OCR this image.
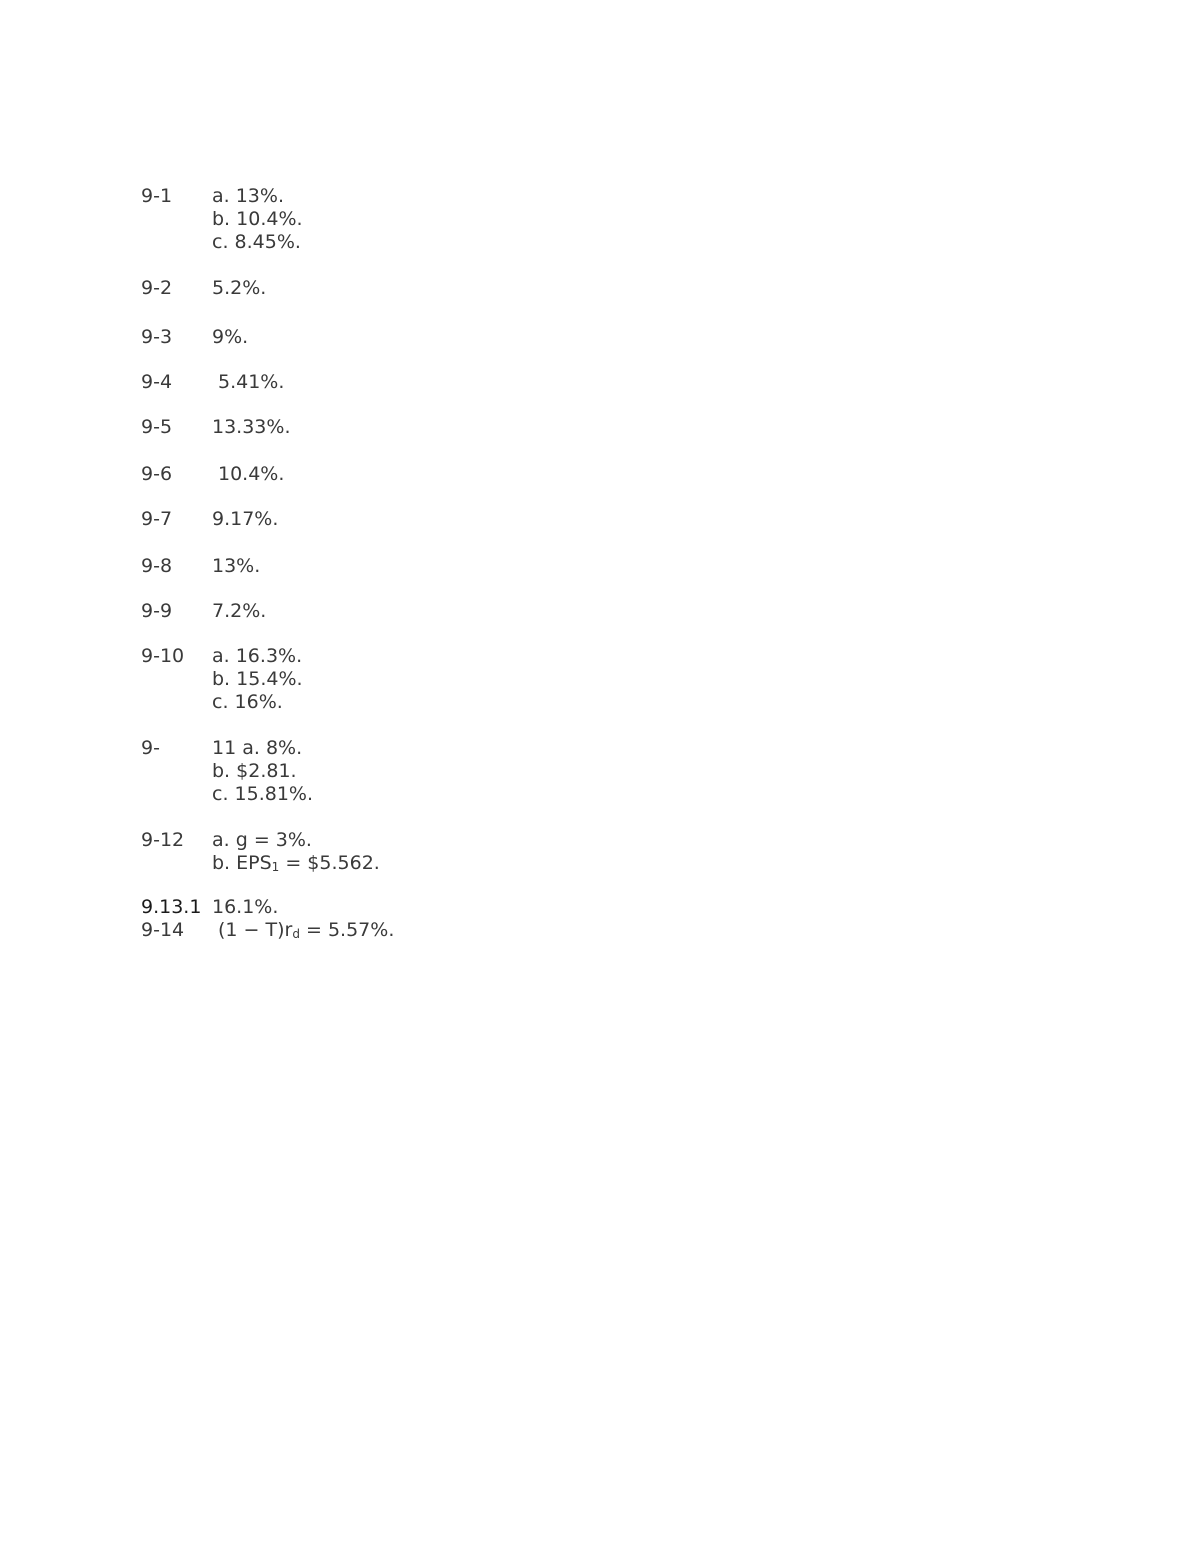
9-1 a. 13%.
b. 10.4%.
c. 8.45%.
9-2 5.2%.
9-3 9%.
9-4 5.41%.
9-5 13.33%.
9-6 10.4%.
9-7 9.17%.
9-8 13%.
9-9 7.2%.
9-10 a. 16.3%.
b. 15.4%.
c. 16%.
9-	11 a. 8%.
b. $2.81.
c. 15.81%.
9-12 a. g = 3%.
b. EPS1 = $5.562.
9.13.1 16.1%.
9-14 (1 − T)rd = 5.57%.
